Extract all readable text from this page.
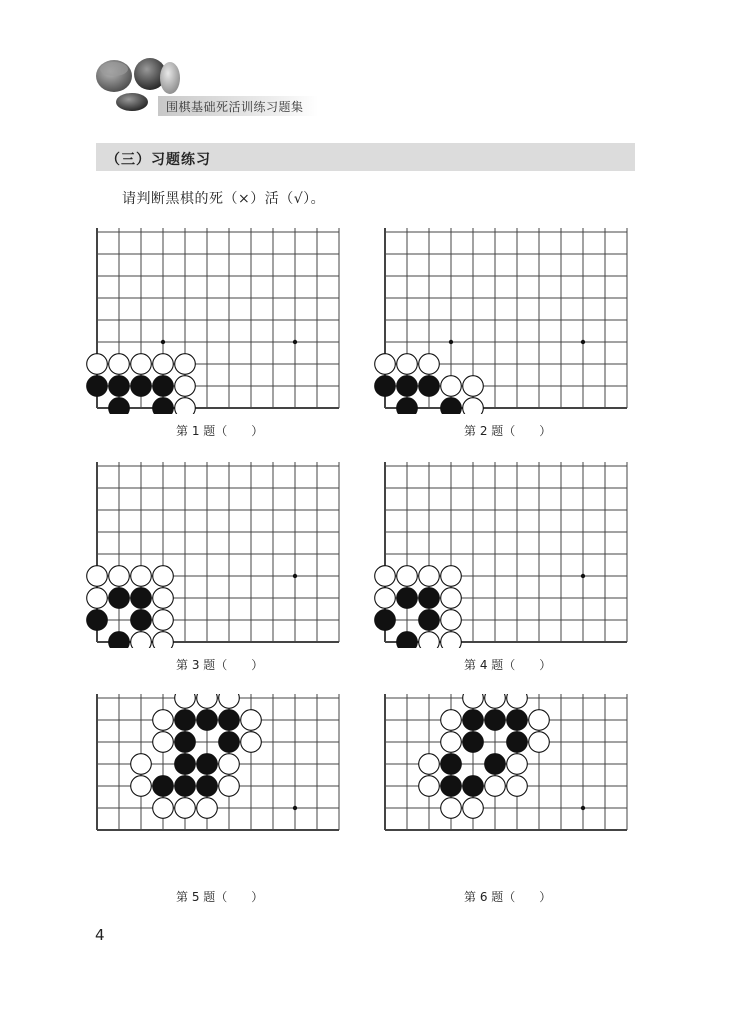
围棋基础死活训练习题集
（三）习题练习
请判断黑棋的死（×）活（√）。
第 1 题（　　）	第 2 题（　　）
第 3 题（　　）	第 4 题（　　）
第 5 题（　　）	第 6 题（　　）
4
